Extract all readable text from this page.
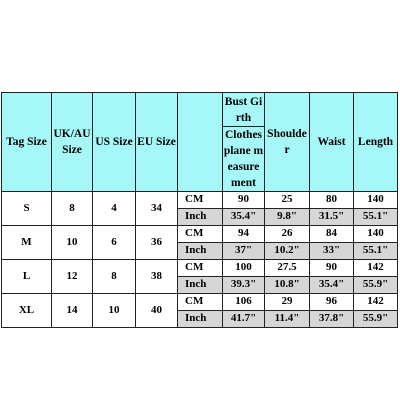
Tag Size	UK/AU Size	US Size	EU Size		Bust Girth	Shoulder	Waist	Length
					Clothes plane measurement			
S	8	4	34	CM	90	25	80	140
				Inch	35.4"	9.8"	31.5"	55.1"
M	10	6	36	CM	94	26	84	140
				Inch	37"	10.2"	33"	55.1"
L	12	8	38	CM	100	27.5	90	142
				Inch	39.3"	10.8"	35.4"	55.9"
XL	14	10	40	CM	106	29	96	142
				Inch	41.7"	11.4"	37.8"	55.9"
